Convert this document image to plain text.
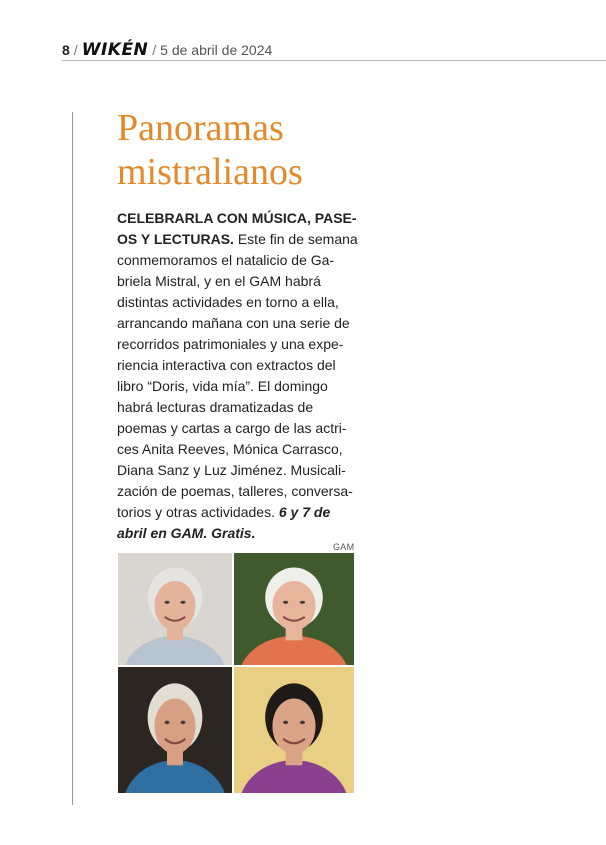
8 / WIKÉN / 5 de abril de 2024
Panoramas
mistralianos
CELEBRARLA CON MÚSICA, PASE-
OS Y LECTURAS. Este fin de semana
conmemoramos el natalicio de Ga-
briela Mistral, y en el GAM habrá
distintas actividades en torno a ella,
arrancando mañana con una serie de
recorridos patrimoniales y una expe-
riencia interactiva con extractos del
libro “Doris, vida mía”. El domingo
habrá lecturas dramatizadas de
poemas y cartas a cargo de las actri-
ces Anita Reeves, Mónica Carrasco,
Diana Sanz y Luz Jiménez. Musicali-
zación de poemas, talleres, conversa-
torios y otras actividades. 6 y 7 de
abril en GAM. Gratis.
GAM
